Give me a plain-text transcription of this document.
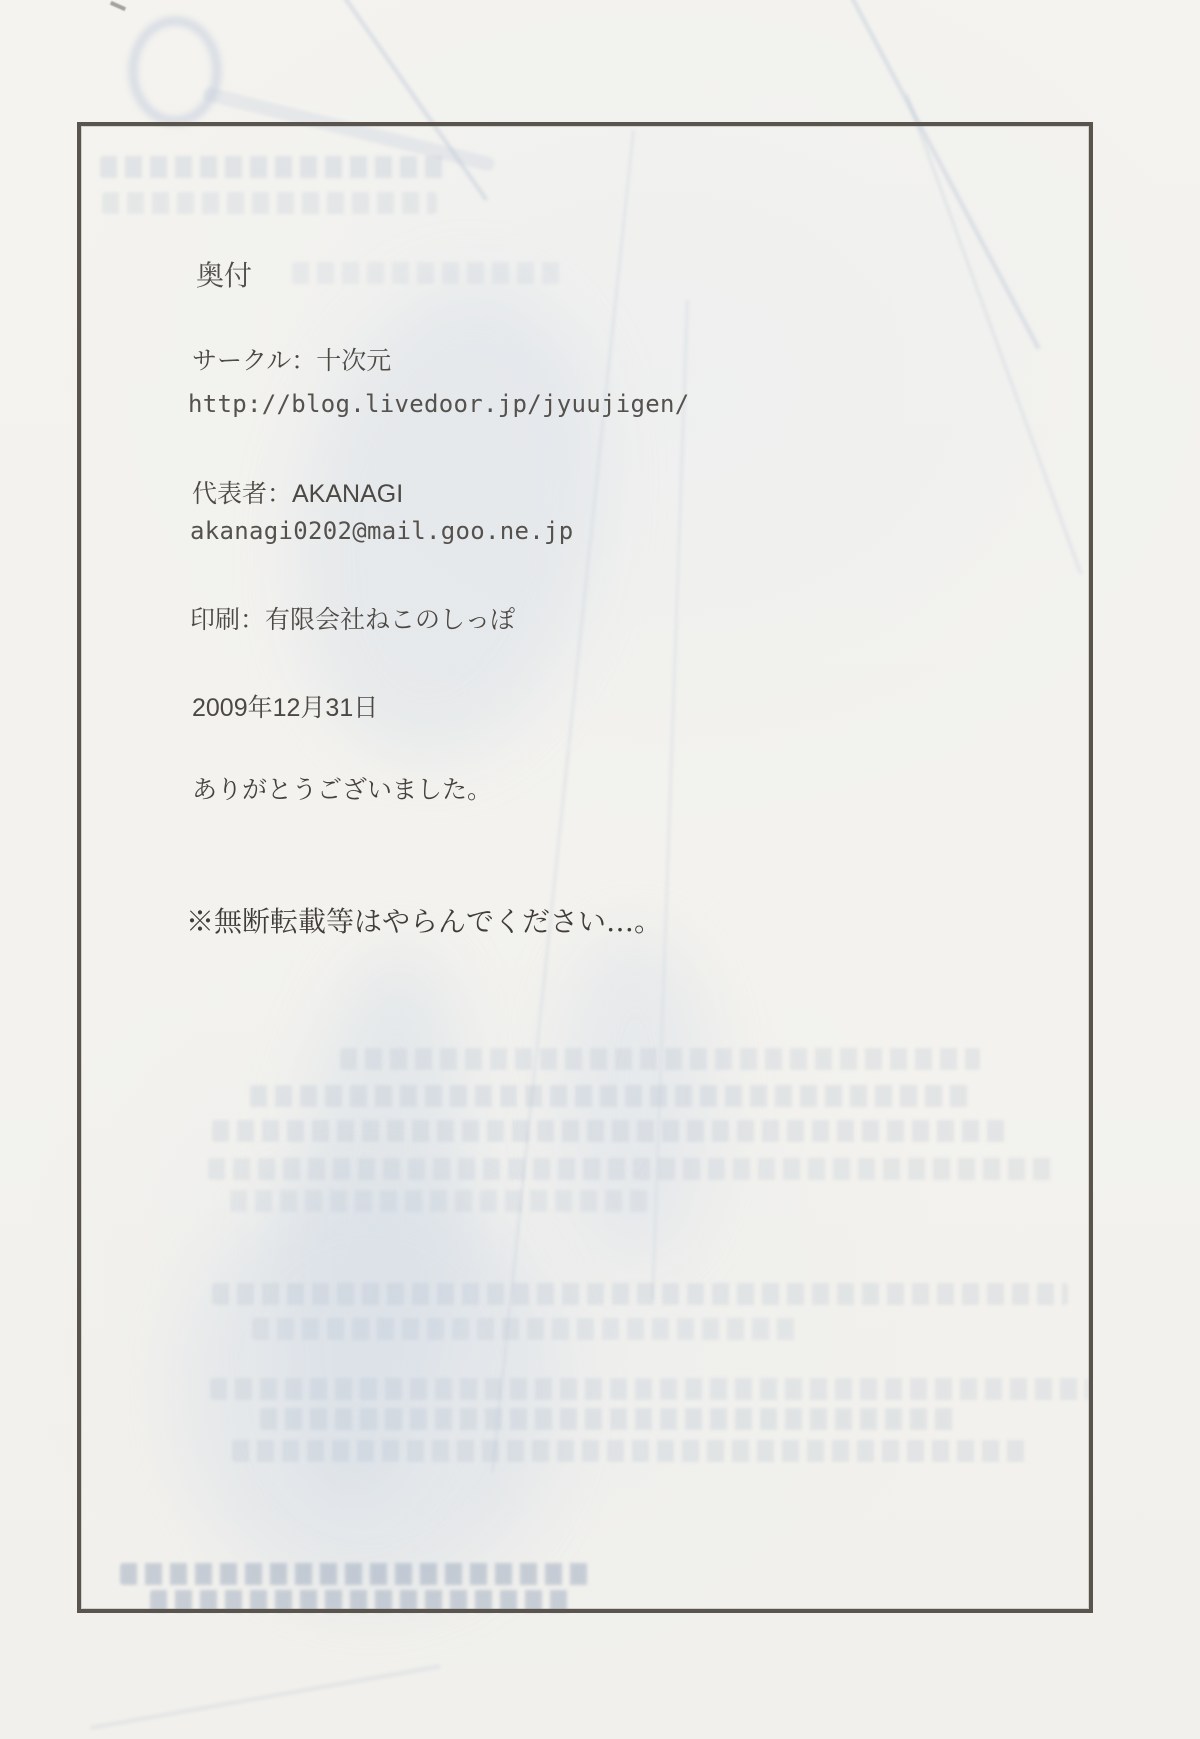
奥付
サークル：十次元
http://blog.livedoor.jp/jyuujigen/
代表者：AKANAGI
akanagi0202@mail.goo.ne.jp
印刷：有限会社ねこのしっぽ
2009年12月31日
ありがとうございました。
※無断転載等はやらんでください…。
